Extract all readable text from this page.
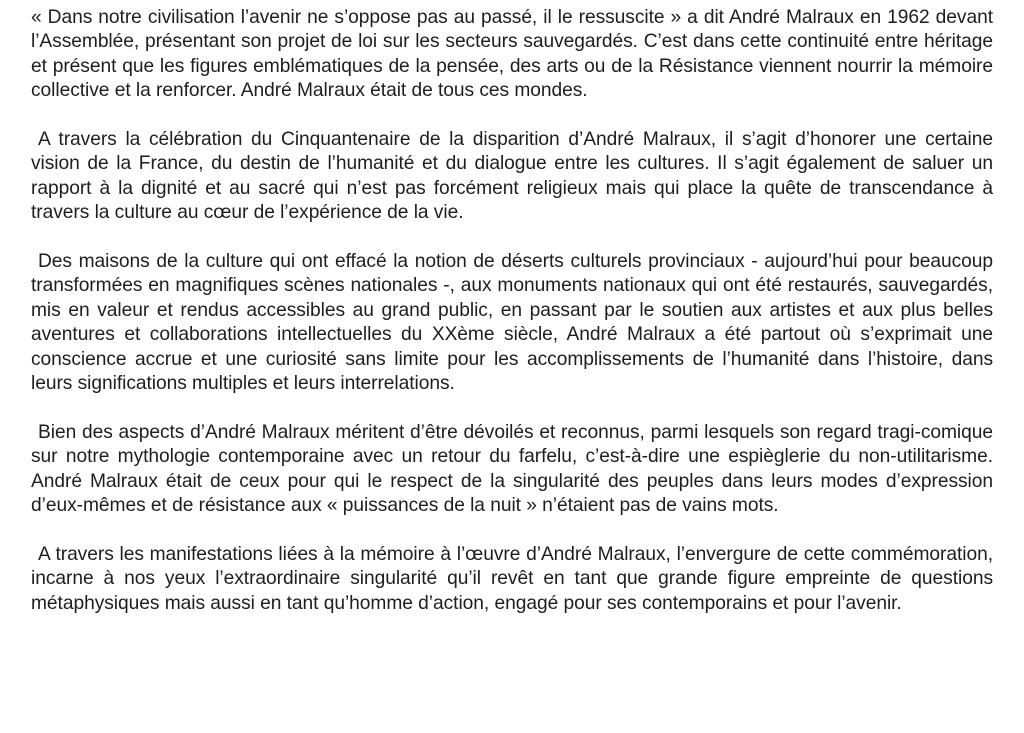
« Dans notre civilisation l’avenir ne s’oppose pas au passé, il le ressuscite » a dit André Malraux en 1962 devant l’Assemblée, présentant son projet de loi sur les secteurs sauvegardés. C’est dans cette continuité entre héritage et présent que les figures emblématiques de la pensée, des arts ou de la Résistance viennent nourrir la mémoire collective et la renforcer. André Malraux était de tous ces mondes.

A travers la célébration du Cinquantenaire de la disparition d’André Malraux, il s’agit d’honorer une certaine vision de la France, du destin de l’humanité et du dialogue entre les cultures. Il s’agit également de saluer un rapport à la dignité et au sacré qui n’est pas forcément religieux mais qui place la quête de transcendance à travers la culture au cœur de l’expérience de la vie.

Des maisons de la culture qui ont effacé la notion de déserts culturels provinciaux - aujourd’hui pour beaucoup transformées en magnifiques scènes nationales -, aux monuments nationaux qui ont été restaurés, sauvegardés, mis en valeur et rendus accessibles au grand public, en passant par le soutien aux artistes et aux plus belles aventures et collaborations intellectuelles du XXème siècle, André Malraux a été partout où s’exprimait une conscience accrue et une curiosité sans limite pour les accomplissements de l’humanité dans l’histoire, dans leurs significations multiples et leurs interrelations.

Bien des aspects d’André Malraux méritent d’être dévoilés et reconnus, parmi lesquels son regard tragi-comique sur notre mythologie contemporaine avec un retour du farfelu, c’est-à-dire une espièglerie du non-utilitarisme. André Malraux était de ceux pour qui le respect de la singularité des peuples dans leurs modes d’expression d’eux-mêmes et de résistance aux « puissances de la nuit » n’étaient pas de vains mots.

A travers les manifestations liées à la mémoire à l’œuvre d’André Malraux, l’envergure de cette commémoration, incarne à nos yeux l’extraordinaire singularité qu’il revêt en tant que grande figure empreinte de questions métaphysiques mais aussi en tant qu’homme d’action, engagé pour ses contemporains et pour l’avenir.
